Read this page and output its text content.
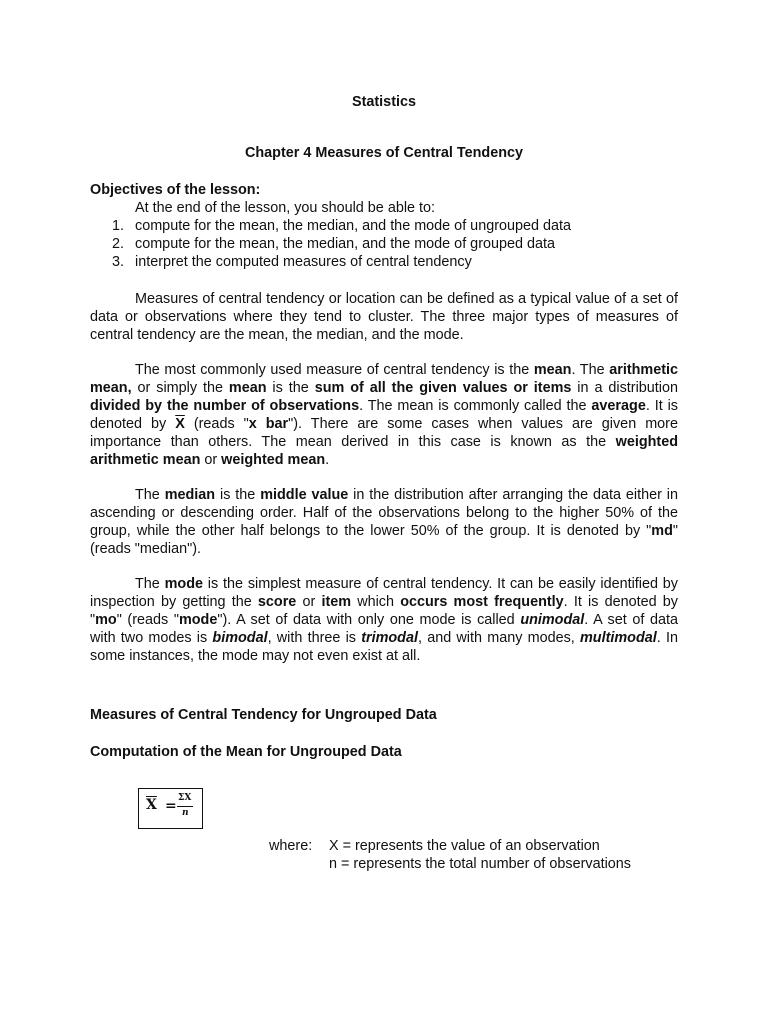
Statistics
Chapter 4 Measures of Central Tendency
Objectives of the lesson:
At the end of the lesson, you should be able to:
1. compute for the mean, the median, and the mode of ungrouped data
2. compute for the mean, the median, and the mode of grouped data
3. interpret the computed measures of central tendency
Measures of central tendency or location can be defined as a typical value of a set of data or observations where they tend to cluster. The three major types of measures of central tendency are the mean, the median, and the mode.
The most commonly used measure of central tendency is the mean. The arithmetic mean, or simply the mean is the sum of all the given values or items in a distribution divided by the number of observations. The mean is commonly called the average. It is denoted by $\overline{X}$ (reads "x bar"). There are some cases when values are given more importance than others. The mean derived in this case is known as the weighted arithmetic mean or weighted mean.
The median is the middle value in the distribution after arranging the data either in ascending or descending order. Half of the observations belong to the higher 50% of the group, while the other half belongs to the lower 50% of the group. It is denoted by "md" (reads "median").
The mode is the simplest measure of central tendency. It can be easily identified by inspection by getting the score or item which occurs most frequently. It is denoted by "mo" (reads "mode"). A set of data with only one mode is called unimodal. A set of data with two modes is bimodal, with three is trimodal, and with many modes, multimodal. In some instances, the mode may not even exist at all.
Measures of Central Tendency for Ungrouped Data
Computation of the Mean for Ungrouped Data
$\overline{X} = \Sigma X$
n
where: X = represents the value of an observation
n = represents the total number of observations
